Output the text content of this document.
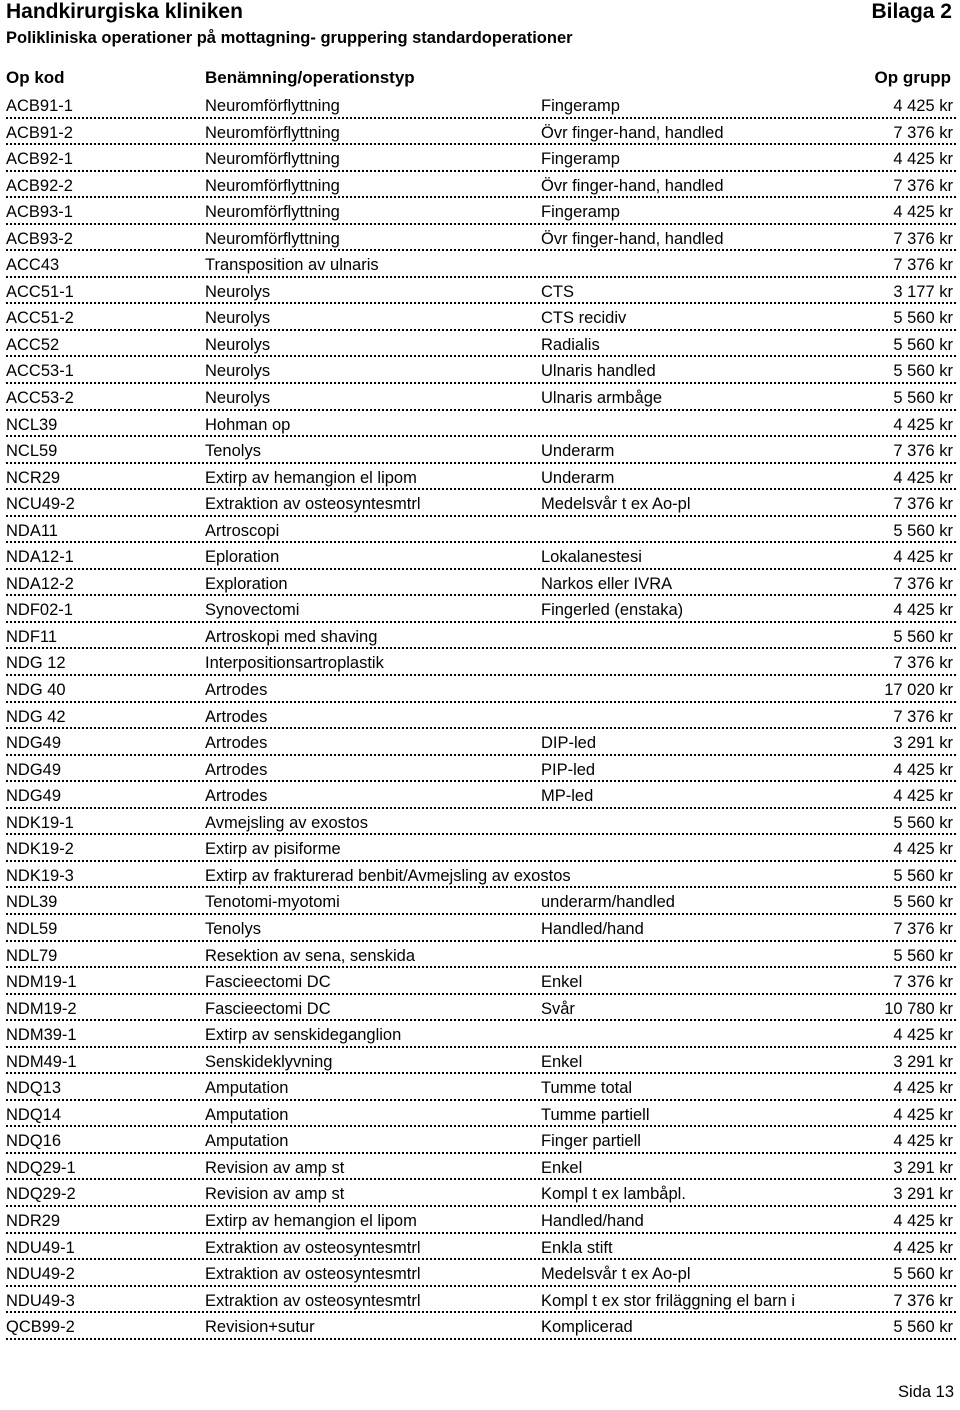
Handkirurgiska kliniken	Bilaga 2
Polikliniska operationer på mottagning- gruppering standardoperationer
Op kod	Benämning/operationstyp	Op grupp
ACB91-1	Neuromförflyttning	Fingeramp	4 425 kr
ACB91-2	Neuromförflyttning	Övr finger-hand, handled	7 376 kr
ACB92-1	Neuromförflyttning	Fingeramp	4 425 kr
ACB92-2	Neuromförflyttning	Övr finger-hand, handled	7 376 kr
ACB93-1	Neuromförflyttning	Fingeramp	4 425 kr
ACB93-2	Neuromförflyttning	Övr finger-hand, handled	7 376 kr
ACC43	Transposition av ulnaris	7 376 kr
ACC51-1	Neurolys	CTS	3 177 kr
ACC51-2	Neurolys	CTS recidiv	5 560 kr
ACC52	Neurolys	Radialis	5 560 kr
ACC53-1	Neurolys	Ulnaris handled	5 560 kr
ACC53-2	Neurolys	Ulnaris armbåge	5 560 kr
NCL39	Hohman op	4 425 kr
NCL59	Tenolys	Underarm	7 376 kr
NCR29	Extirp av hemangion el lipom	Underarm	4 425 kr
NCU49-2	Extraktion av osteosyntesmtrl	Medelsvår t ex Ao-pl	7 376 kr
NDA11	Artroscopi	5 560 kr
NDA12-1	Eploration	Lokalanestesi	4 425 kr
NDA12-2	Exploration	Narkos eller IVRA	7 376 kr
NDF02-1	Synovectomi	Fingerled (enstaka)	4 425 kr
NDF11	Artroskopi med shaving	5 560 kr
NDG 12	Interpositionsartroplastik	7 376 kr
NDG 40	Artrodes	17 020 kr
NDG 42	Artrodes	7 376 kr
NDG49	Artrodes	DIP-led	3 291 kr
NDG49	Artrodes	PIP-led	4 425 kr
NDG49	Artrodes	MP-led	4 425 kr
NDK19-1	Avmejsling av exostos	5 560 kr
NDK19-2	Extirp av pisiforme	4 425 kr
NDK19-3	Extirp av frakturerad benbit/Avmejsling av exostos	5 560 kr
NDL39	Tenotomi-myotomi	underarm/handled	5 560 kr
NDL59	Tenolys	Handled/hand	7 376 kr
NDL79	Resektion av sena, senskida	5 560 kr
NDM19-1	Fascieectomi DC	Enkel	7 376 kr
NDM19-2	Fascieectomi DC	Svår	10 780 kr
NDM39-1	Extirp av senskideganglion	4 425 kr
NDM49-1	Senskideklyvning	Enkel	3 291 kr
NDQ13	Amputation	Tumme total	4 425 kr
NDQ14	Amputation	Tumme partiell	4 425 kr
NDQ16	Amputation	Finger partiell	4 425 kr
NDQ29-1	Revision av amp st	Enkel	3 291 kr
NDQ29-2	Revision av amp st	Kompl t ex lambåpl.	3 291 kr
NDR29	Extirp av hemangion el lipom	Handled/hand	4 425 kr
NDU49-1	Extraktion av osteosyntesmtrl	Enkla stift	4 425 kr
NDU49-2	Extraktion av osteosyntesmtrl	Medelsvår t ex Ao-pl	5 560 kr
NDU49-3	Extraktion av osteosyntesmtrl	Kompl t ex stor friläggning el barn i	7 376 kr
QCB99-2	Revision+sutur	Komplicerad	5 560 kr
Sida 13
